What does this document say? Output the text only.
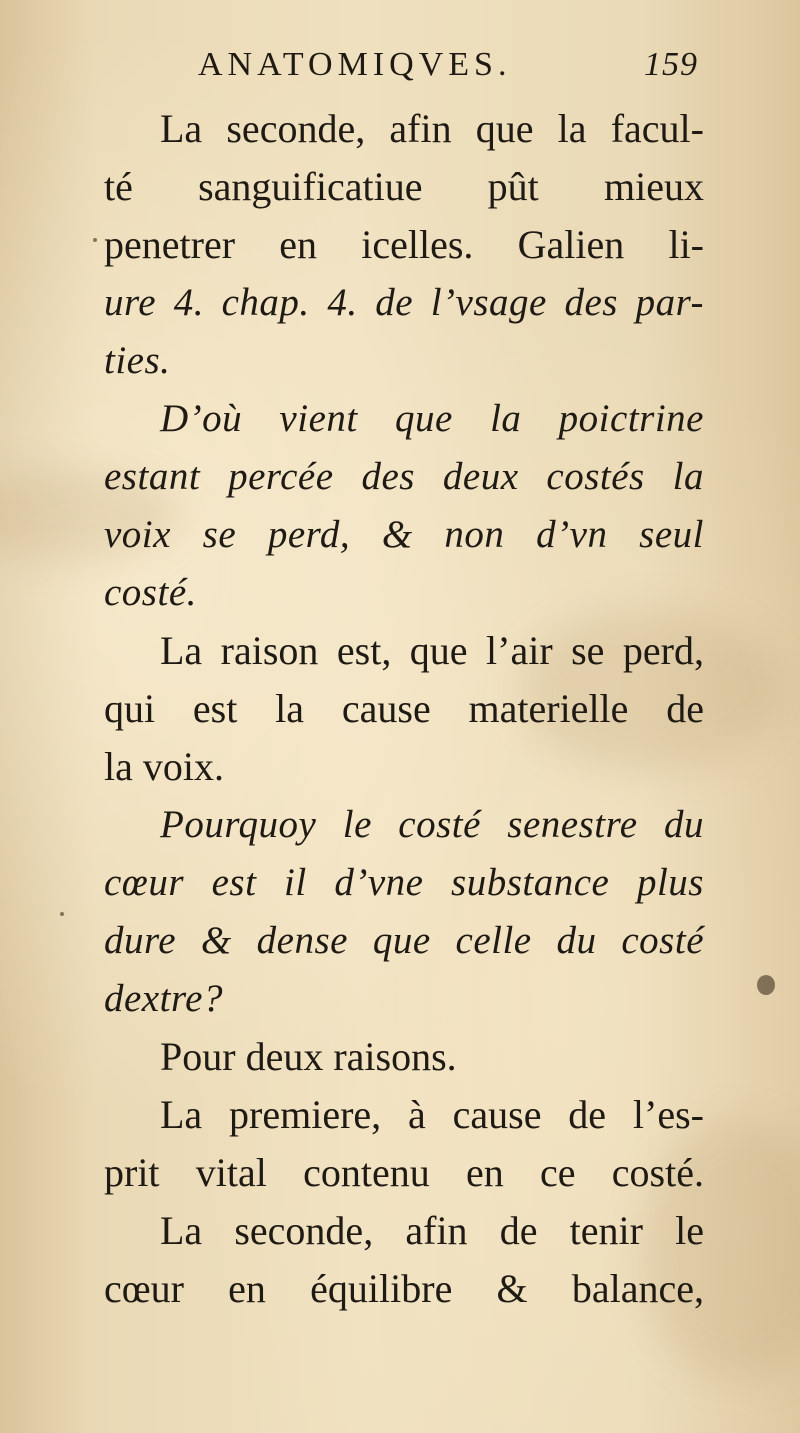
ANATOMIQVES.	159
La seconde, afin que la facul-
té sanguificatiue pût mieux
penetrer en icelles. Galien li-
ure 4. chap. 4. de l’vsage des par-
ties.
D’où vient que la poictrine
estant percée des deux costés la
voix se perd, & non d’vn seul
costé.
La raison est, que l’air se perd,
qui est la cause materielle de
la voix.
Pourquoy le costé senestre du
cœur est il d’vne substance plus
dure & dense que celle du costé
dextre?
Pour deux raisons.
La premiere, à cause de l’es-
prit vital contenu en ce costé.
La seconde, afin de tenir le
cœur en équilibre & balance,
